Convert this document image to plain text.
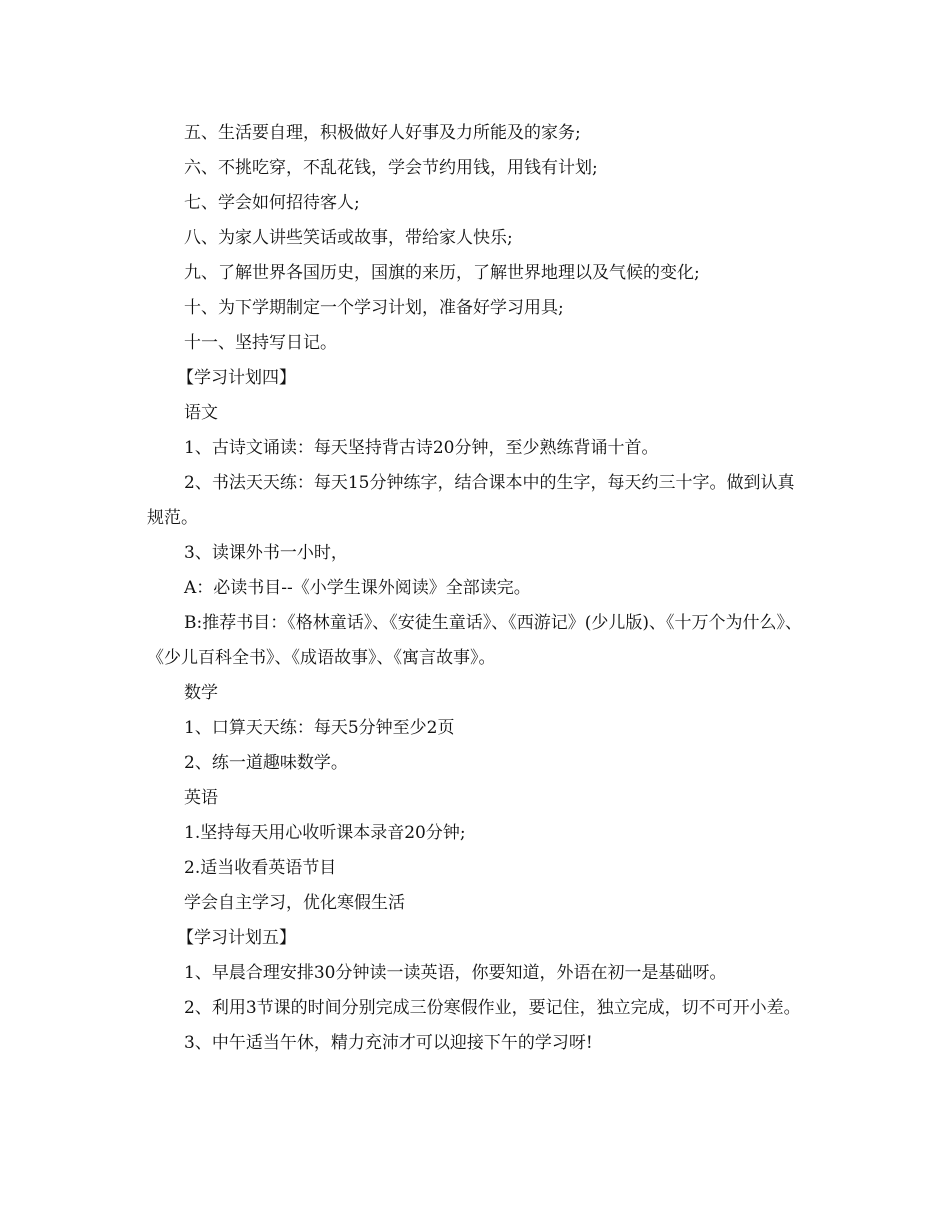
五、生活要自理，积极做好人好事及力所能及的家务;

六、不挑吃穿，不乱花钱，学会节约用钱，用钱有计划;

七、学会如何招待客人;

八、为家人讲些笑话或故事，带给家人快乐;

九、了解世界各国历史，国旗的来历，了解世界地理以及气候的变化;

十、为下学期制定一个学习计划，准备好学习用具;

十一、坚持写日记。

【学习计划四】

语文

1、古诗文诵读：每天坚持背古诗20分钟，至少熟练背诵十首。

2、书法天天练：每天15分钟练字，结合课本中的生字，每天约三十字。做到认真规范。

3、读课外书一小时，

A：必读书目--《小学生课外阅读》全部读完。

B:推荐书目：《格林童话》、《安徒生童话》、《西游记》(少儿版)、《十万个为什么》、《少儿百科全书》、《成语故事》、《寓言故事》。

数学

1、口算天天练：每天5分钟至少2页

2、练一道趣味数学。

英语

1.坚持每天用心收听课本录音20分钟;

2.适当收看英语节目

学会自主学习，优化寒假生活

【学习计划五】

1、早晨合理安排30分钟读一读英语，你要知道，外语在初一是基础呀。

2、利用3节课的时间分别完成三份寒假作业，要记住，独立完成，切不可开小差。

3、中午适当午休，精力充沛才可以迎接下午的学习呀!
